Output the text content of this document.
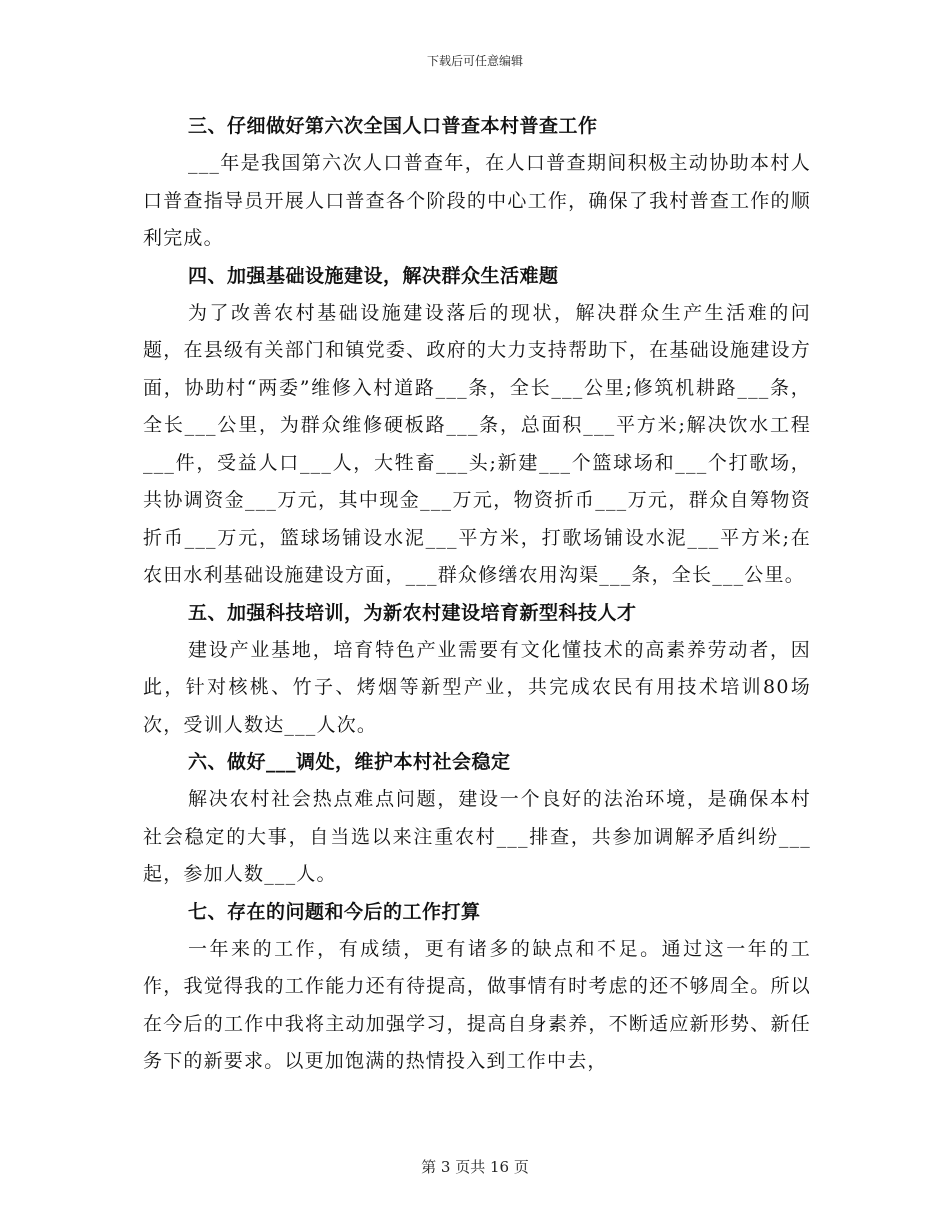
下载后可任意编辑
三、仔细做好第六次全国人口普查本村普查工作

___年是我国第六次人口普查年，在人口普查期间积极主动协助本村人口普查指导员开展人口普查各个阶段的中心工作，确保了我村普查工作的顺利完成。

四、加强基础设施建设，解决群众生活难题

为了改善农村基础设施建设落后的现状，解决群众生产生活难的问题，在县级有关部门和镇党委、政府的大力支持帮助下，在基础设施建设方面，协助村“两委”维修入村道路___条，全长___公里;修筑机耕路___条，全长___公里，为群众维修硬板路___条，总面积___平方米;解决饮水工程___件，受益人口___人，大牲畜___头;新建___个篮球场和___个打歌场，共协调资金___万元，其中现金___万元，物资折币___万元，群众自筹物资折币___万元，篮球场铺设水泥___平方米，打歌场铺设水泥___平方米;在农田水利基础设施建设方面，___群众修缮农用沟渠___条，全长___公里。

五、加强科技培训，为新农村建设培育新型科技人才

建设产业基地，培育特色产业需要有文化懂技术的高素养劳动者，因此，针对核桃、竹子、烤烟等新型产业，共完成农民有用技术培训80场次，受训人数达___人次。

六、做好___调处，维护本村社会稳定

解决农村社会热点难点问题，建设一个良好的法治环境，是确保本村社会稳定的大事，自当选以来注重农村___排查，共参加调解矛盾纠纷___起，参加人数___人。

七、存在的问题和今后的工作打算

一年来的工作，有成绩，更有诸多的缺点和不足。通过这一年的工作，我觉得我的工作能力还有待提高，做事情有时考虑的还不够周全。所以在今后的工作中我将主动加强学习，提高自身素养，不断适应新形势、新任务下的新要求。以更加饱满的热情投入到工作中去，

第 3 页共 16 页
